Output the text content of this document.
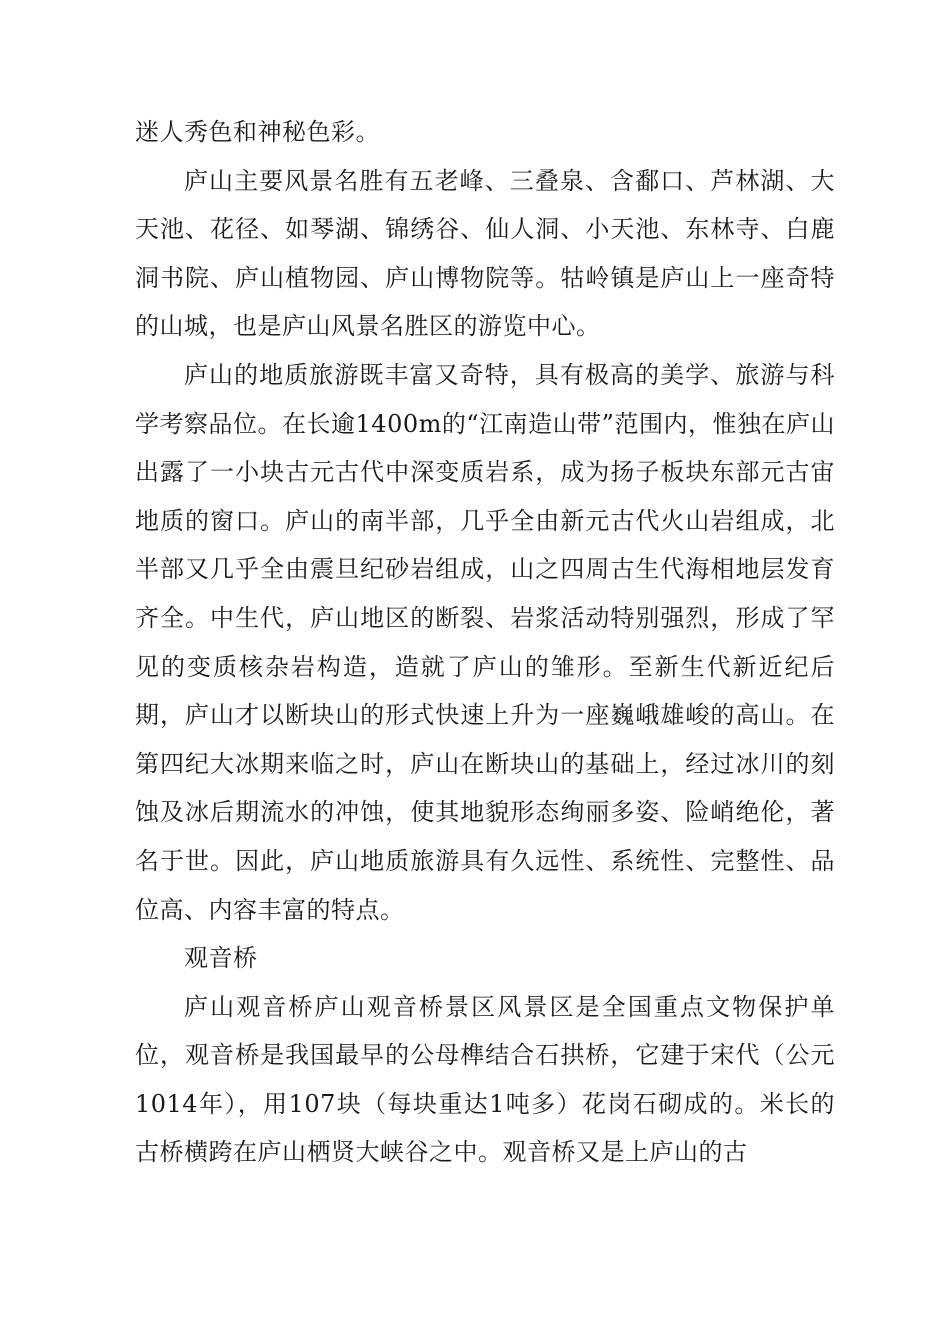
迷人秀色和神秘色彩。

庐山主要风景名胜有五老峰、三叠泉、含鄱口、芦林湖、大天池、花径、如琴湖、锦绣谷、仙人洞、小天池、东林寺、白鹿洞书院、庐山植物园、庐山博物院等。牯岭镇是庐山上一座奇特的山城，也是庐山风景名胜区的游览中心。

庐山的地质旅游既丰富又奇特，具有极高的美学、旅游与科学考察品位。在长逾1400m的“江南造山带”范围内，惟独在庐山出露了一小块古元古代中深变质岩系，成为扬子板块东部元古宙地质的窗口。庐山的南半部，几乎全由新元古代火山岩组成，北半部又几乎全由震旦纪砂岩组成，山之四周古生代海相地层发育齐全。中生代，庐山地区的断裂、岩浆活动特别强烈，形成了罕见的变质核杂岩构造，造就了庐山的雏形。至新生代新近纪后期，庐山才以断块山的形式快速上升为一座巍峨雄峻的高山。在第四纪大冰期来临之时，庐山在断块山的基础上，经过冰川的刻蚀及冰后期流水的冲蚀，使其地貌形态绚丽多姿、险峭绝伦，著名于世。因此，庐山地质旅游具有久远性、系统性、完整性、品位高、内容丰富的特点。

观音桥

庐山观音桥庐山观音桥景区风景区是全国重点文物保护单位，观音桥是我国最早的公母榫结合石拱桥，它建于宋代（公元1014年），用107块（每块重达1吨多）花岗石砌成的。米长的古桥横跨在庐山栖贤大峡谷之中。观音桥又是上庐山的古
